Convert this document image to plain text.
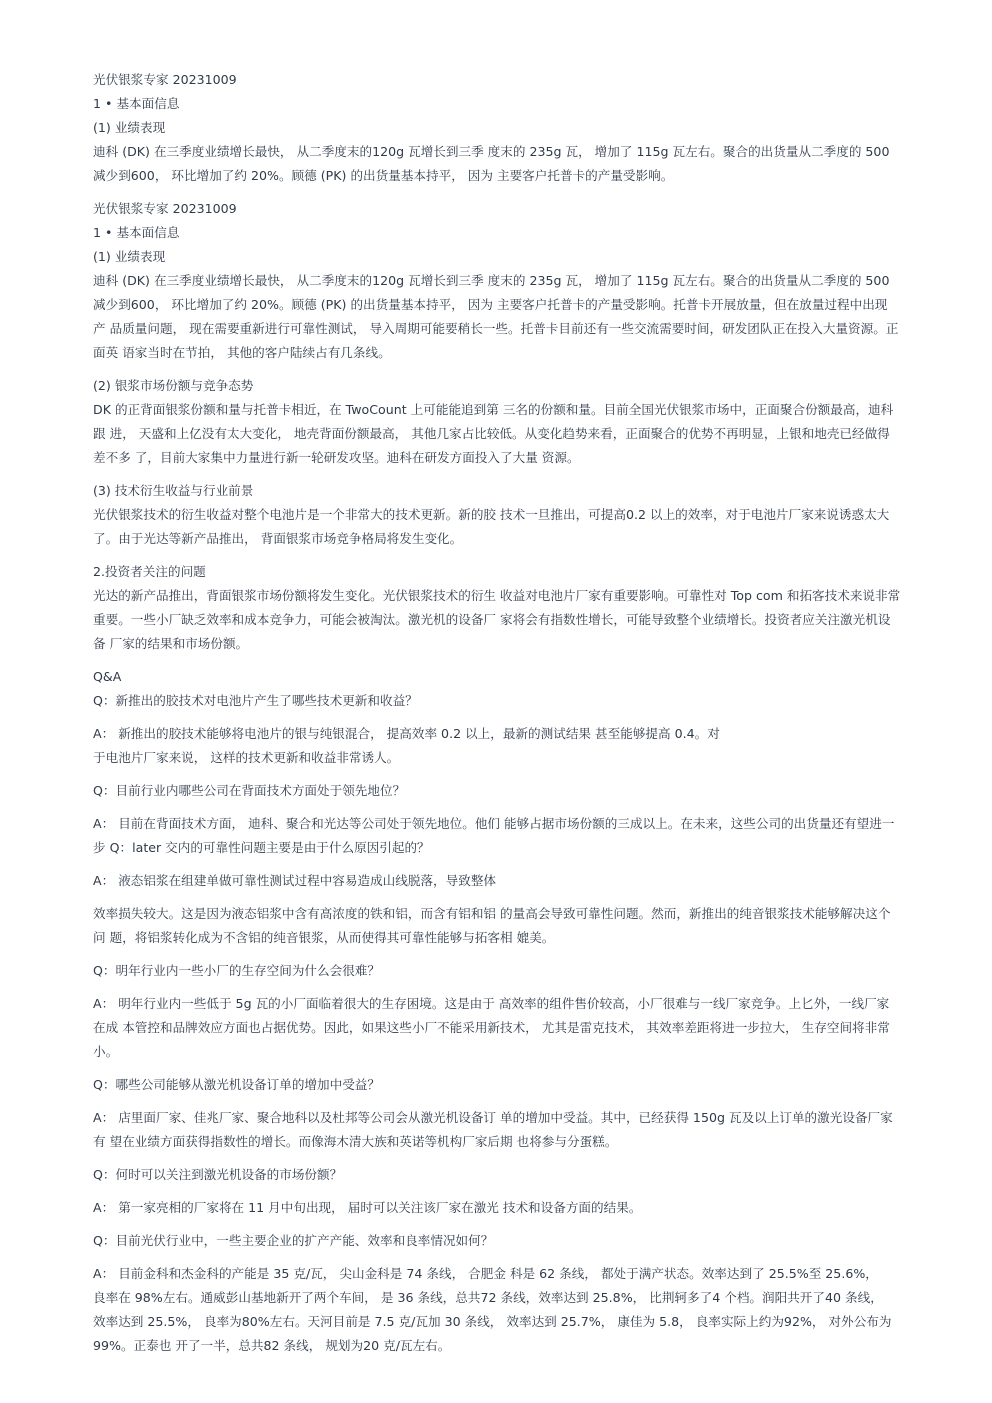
光伏银浆专家 20231009
1 • 基本面信息
(1) 业绩表现
迪科 (DK) 在三季度业绩增长最快， 从二季度末的120g 瓦增长到三季 度末的 235g 瓦， 增加了 115g 瓦左右。聚合的出货量从二季度的 500
减少到600， 环比增加了约 20%。顾德 (PK) 的出货量基本持平， 因为 主要客户托普卡的产量受影响。
光伏银浆专家 20231009
1 • 基本面信息
(1) 业绩表现
迪科 (DK) 在三季度业绩增长最快， 从二季度末的120g 瓦增长到三季 度末的 235g 瓦， 增加了 115g 瓦左右。聚合的出货量从二季度的 500
减少到600， 环比增加了约 20%。顾德 (PK) 的出货量基本持平， 因为 主要客户托普卡的产量受影响。托普卡开展放量，但在放量过程中出现
产 品质量问题， 现在需要重新进行可靠性测试， 导入周期可能要稍长一些。托普卡目前还有一些交流需要时间，研发团队正在投入大量资源。正
面英 语家当时在节拍， 其他的客户陆续占有几条线。
(2) 银浆市场份额与竞争态势
DK 的正背面银浆份额和量与托普卡相近，在 TwoCount 上可能能追到第 三名的份额和量。目前全国光伏银浆市场中，正面聚合份额最高，迪科
跟 进， 天盛和上亿没有太大变化， 地壳背面份额最高， 其他几家占比较低。从变化趋势来看，正面聚合的优势不再明显，上银和地壳已经做得
差不多 了，目前大家集中力量进行新一轮研发攻坚。迪科在研发方面投入了大量 资源。
(3) 技术衍生收益与行业前景
光伏银浆技术的衍生收益对整个电池片是一个非常大的技术更新。新的胶 技术一旦推出，可提高0.2 以上的效率，对于电池片厂家来说诱惑太大
了。由于光达等新产品推出， 背面银浆市场竞争格局将发生变化。
2.投资者关注的问题
光达的新产品推出，背面银浆市场份额将发生变化。光伏银浆技术的衍生 收益对电池片厂家有重要影响。可靠性对 Top com 和拓客技术来说非常
重要。一些小厂缺乏效率和成本竞争力，可能会被淘汰。激光机的设备厂 家将会有指数性增长，可能导致整个业绩增长。投资者应关注激光机设
备 厂家的结果和市场份额。
Q&A
Q：新推出的胶技术对电池片产生了哪些技术更新和收益？
A： 新推出的胶技术能够将电池片的银与纯银混合， 提高效率 0.2 以上，最新的测试结果 甚至能够提高 0.4。对
于电池片厂家来说， 这样的技术更新和收益非常诱人。
Q：目前行业内哪些公司在背面技术方面处于领先地位？
A： 目前在背面技术方面， 迪科、聚合和光达等公司处于领先地位。他们 能够占据市场份额的三成以上。在未来，这些公司的出货量还有望进一
步 Q：later 交内的可靠性问题主要是由于什么原因引起的？
A： 液态铝浆在组建单做可靠性测试过程中容易造成山线脱落，导致整体
效率损失较大。这是因为液态铝浆中含有高浓度的铁和铝，而含有铝和铝 的量高会导致可靠性问题。然而，新推出的纯音银浆技术能够解决这个
问 题，将铝浆转化成为不含铝的纯音银浆，从而使得其可靠性能够与拓客相 媲美。
Q：明年行业内一些小厂的生存空间为什么会很难？
A： 明年行业内一些低于 5g 瓦的小厂面临着很大的生存困境。这是由于 高效率的组件售价较高，小厂很难与一线厂家竞争。上匕外，一线厂家
在成 本管控和品牌效应方面也占据优势。因此，如果这些小厂不能采用新技术， 尤其是雷克技术， 其效率差距将进一步拉大， 生存空间将非常
小。
Q：哪些公司能够从激光机设备订单的增加中受益？
A： 店里面厂家、佳兆厂家、聚合地科以及杜邦等公司会从激光机设备订 单的增加中受益。其中，已经获得 150g 瓦及以上订单的激光设备厂家
有 望在业绩方面获得指数性的增长。而像海木清大族和英诺等机构厂家后期 也将参与分蛋糕。
Q：何时可以关注到激光机设备的市场份额？
A： 第一家亮相的厂家将在 11 月中旬出现， 届时可以关注该厂家在激光 技术和设备方面的结果。
Q：目前光伏行业中，一些主要企业的扩产产能、效率和良率情况如何？
A： 目前金科和杰金科的产能是 35 克/瓦， 尖山金科是 74 条线， 合肥金 科是 62 条线， 都处于满产状态。效率达到了 25.5%至 25.6%，
良率在 98%左右。通威彭山基地新开了两个车间， 是 36 条线，总共72 条线，效率达到 25.8%， 比荆轲多了4 个档。润阳共开了40 条线，
效率达到 25.5%， 良率为80%左右。天河目前是 7.5 克/瓦加 30 条线， 效率达到 25.7%， 康佳为 5.8， 良率实际上约为92%， 对外公布为
99%。正泰也 开了一半，总共82 条线， 规划为20 克/瓦左右。
